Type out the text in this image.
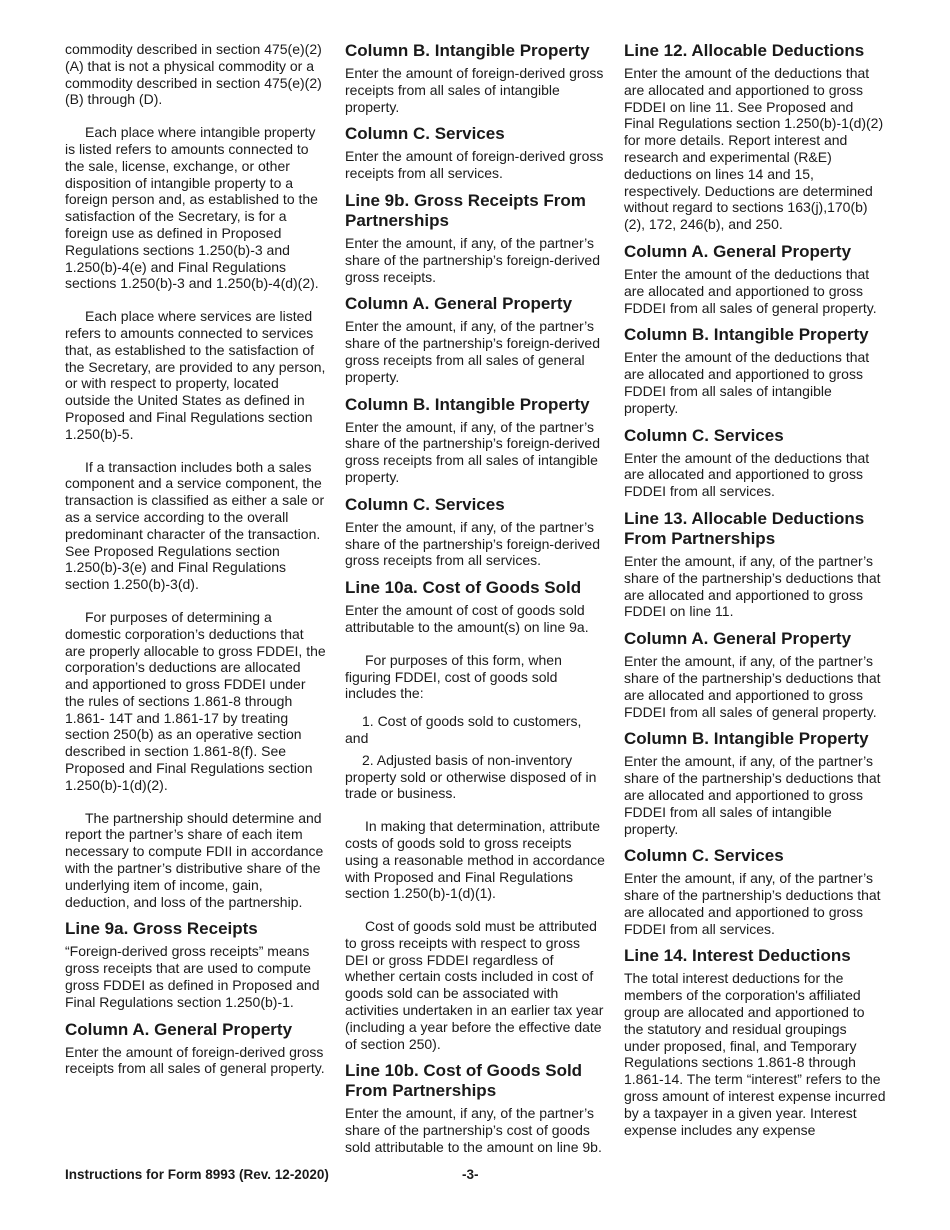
commodity described in section 475(e)(2)(A) that is not a physical commodity or a commodity described in section 475(e)(2)(B) through (D).

Each place where intangible property is listed refers to amounts connected to the sale, license, exchange, or other disposition of intangible property to a foreign person and, as established to the satisfaction of the Secretary, is for a foreign use as defined in Proposed Regulations sections 1.250(b)-3 and 1.250(b)-4(e) and Final Regulations sections 1.250(b)-3 and 1.250(b)-4(d)(2).

Each place where services are listed refers to amounts connected to services that, as established to the satisfaction of the Secretary, are provided to any person, or with respect to property, located outside the United States as defined in Proposed and Final Regulations section 1.250(b)-5.

If a transaction includes both a sales component and a service component, the transaction is classified as either a sale or as a service according to the overall predominant character of the transaction. See Proposed Regulations section 1.250(b)-3(e) and Final Regulations section 1.250(b)-3(d).

For purposes of determining a domestic corporation’s deductions that are properly allocable to gross FDDEI, the corporation’s deductions are allocated and apportioned to gross FDDEI under the rules of sections 1.861-8 through 1.861- 14T and 1.861-17 by treating section 250(b) as an operative section described in section 1.861-8(f). See Proposed and Final Regulations section 1.250(b)-1(d)(2).

The partnership should determine and report the partner’s share of each item necessary to compute FDII in accordance with the partner’s distributive share of the underlying item of income, gain, deduction, and loss of the partnership.

Line 9a. Gross Receipts

“Foreign-derived gross receipts” means gross receipts that are used to compute gross FDDEI as defined in Proposed and Final Regulations section 1.250(b)-1.

Column A. General Property

Enter the amount of foreign-derived gross receipts from all sales of general property.

Column B. Intangible Property

Enter the amount of foreign-derived gross receipts from all sales of intangible property.

Column C. Services

Enter the amount of foreign-derived gross receipts from all services.

Line 9b. Gross Receipts From Partnerships

Enter the amount, if any, of the partner’s share of the partnership’s foreign-derived gross receipts.

Column A. General Property

Enter the amount, if any, of the partner’s share of the partnership’s foreign-derived gross receipts from all sales of general property.

Column B. Intangible Property

Enter the amount, if any, of the partner’s share of the partnership’s foreign-derived gross receipts from all sales of intangible property.

Column C. Services

Enter the amount, if any, of the partner’s share of the partnership’s foreign-derived gross receipts from all services.

Line 10a. Cost of Goods Sold

Enter the amount of cost of goods sold attributable to the amount(s) on line 9a.

For purposes of this form, when figuring FDDEI, cost of goods sold includes the:

1. Cost of goods sold to customers, and

2. Adjusted basis of non-inventory property sold or otherwise disposed of in trade or business.

In making that determination, attribute costs of goods sold to gross receipts using a reasonable method in accordance with Proposed and Final Regulations section 1.250(b)-1(d)(1).

Cost of goods sold must be attributed to gross receipts with respect to gross DEI or gross FDDEI regardless of whether certain costs included in cost of goods sold can be associated with activities undertaken in an earlier tax year (including a year before the effective date of section 250).

Line 10b. Cost of Goods Sold From Partnerships

Enter the amount, if any, of the partner’s share of the partnership’s cost of goods sold attributable to the amount on line 9b.

Line 12. Allocable Deductions

Enter the amount of the deductions that are allocated and apportioned to gross FDDEI on line 11. See Proposed and Final Regulations section 1.250(b)-1(d)(2) for more details. Report interest and research and experimental (R&E) deductions on lines 14 and 15, respectively. Deductions are determined without regard to sections 163(j),170(b)(2), 172, 246(b), and 250.

Column A. General Property

Enter the amount of the deductions that are allocated and apportioned to gross FDDEI from all sales of general property.

Column B. Intangible Property

Enter the amount of the deductions that are allocated and apportioned to gross FDDEI from all sales of intangible property.

Column C. Services

Enter the amount of the deductions that are allocated and apportioned to gross FDDEI from all services.

Line 13. Allocable Deductions From Partnerships

Enter the amount, if any, of the partner’s share of the partnership’s deductions that are allocated and apportioned to gross FDDEI on line 11.

Column A. General Property

Enter the amount, if any, of the partner’s share of the partnership’s deductions that are allocated and apportioned to gross FDDEI from all sales of general property.

Column B. Intangible Property

Enter the amount, if any, of the partner’s share of the partnership’s deductions that are allocated and apportioned to gross FDDEI from all sales of intangible property.

Column C. Services

Enter the amount, if any, of the partner’s share of the partnership’s deductions that are allocated and apportioned to gross FDDEI from all services.

Line 14. Interest Deductions

The total interest deductions for the members of the corporation's affiliated group are allocated and apportioned to the statutory and residual groupings under proposed, final, and Temporary Regulations sections 1.861-8 through 1.861-14. The term “interest” refers to the gross amount of interest expense incurred by a taxpayer in a given year. Interest expense includes any expense

Instructions for Form 8993 (Rev. 12-2020)	-3-
